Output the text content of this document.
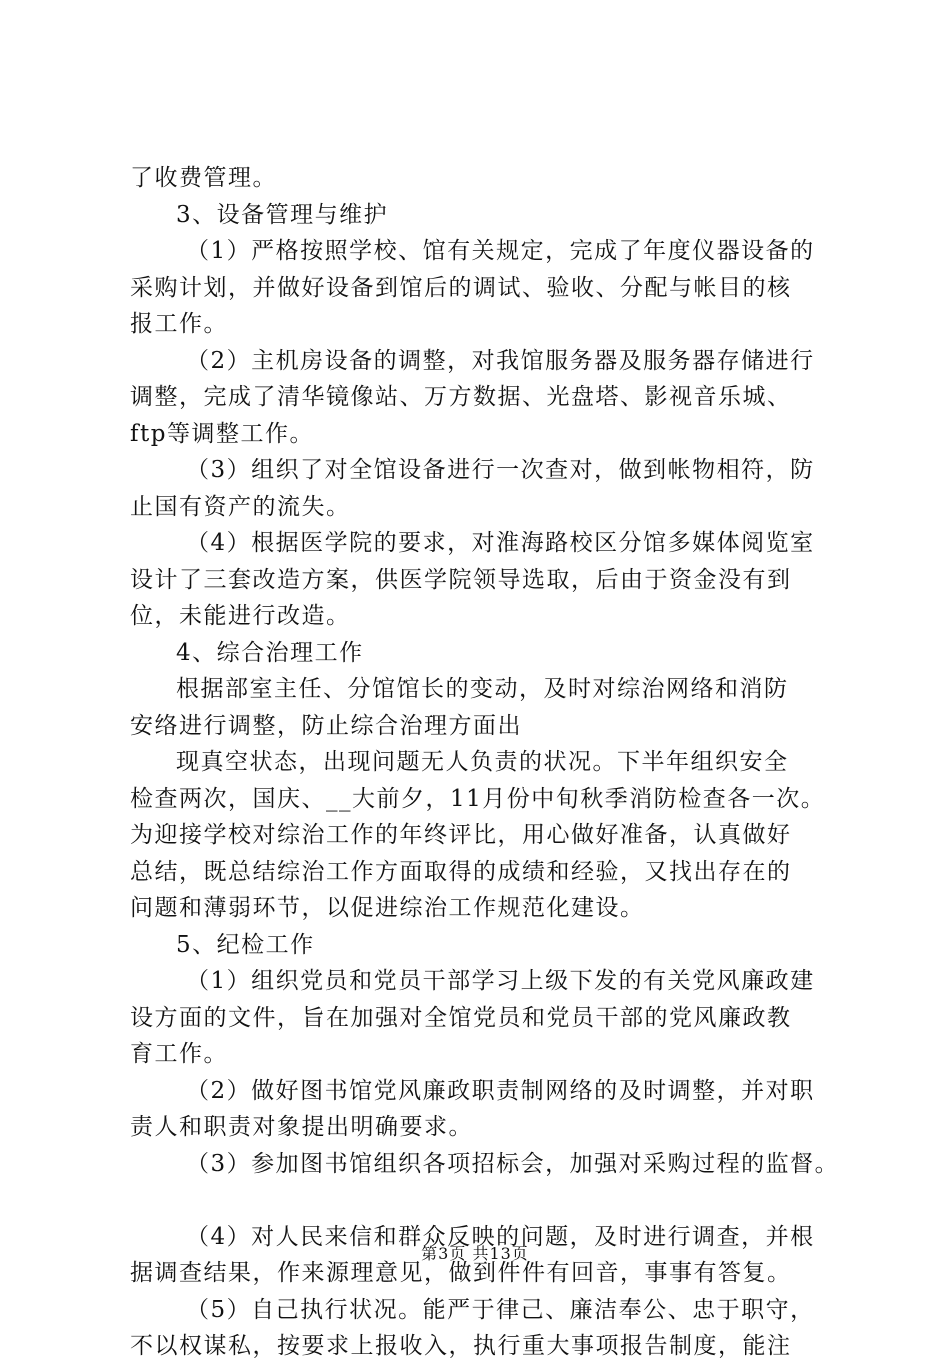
了收费管理。
3、设备管理与维护
（1）严格按照学校、馆有关规定，完成了年度仪器设备的
采购计划，并做好设备到馆后的调试、验收、分配与帐目的核
报工作。
（2）主机房设备的调整，对我馆服务器及服务器存储进行
调整，完成了清华镜像站、万方数据、光盘塔、影视音乐城、
ftp等调整工作。
（3）组织了对全馆设备进行一次查对，做到帐物相符，防
止国有资产的流失。
（4）根据医学院的要求，对淮海路校区分馆多媒体阅览室
设计了三套改造方案，供医学院领导选取，后由于资金没有到
位，未能进行改造。
4、综合治理工作
根据部室主任、分馆馆长的变动，及时对综治网络和消防
安络进行调整，防止综合治理方面出
现真空状态，出现问题无人负责的状况。下半年组织安全
检查两次，国庆、__大前夕，11月份中旬秋季消防检查各一次。
为迎接学校对综治工作的年终评比，用心做好准备，认真做好
总结，既总结综治工作方面取得的成绩和经验，又找出存在的
问题和薄弱环节，以促进综治工作规范化建设。
5、纪检工作
（1）组织党员和党员干部学习上级下发的有关党风廉政建
设方面的文件，旨在加强对全馆党员和党员干部的党风廉政教
育工作。
（2）做好图书馆党风廉政职责制网络的及时调整，并对职
责人和职责对象提出明确要求。
（3）参加图书馆组织各项招标会，加强对采购过程的监督。
（4）对人民来信和群众反映的问题，及时进行调查，并根
据调查结果，作来源理意见，做到件件有回音，事事有答复。
（5）自己执行状况。能严于律己、廉洁奉公、忠于职守，
不以权谋私，按要求上报收入，执行重大事项报告制度，能注
第3页 共13页
